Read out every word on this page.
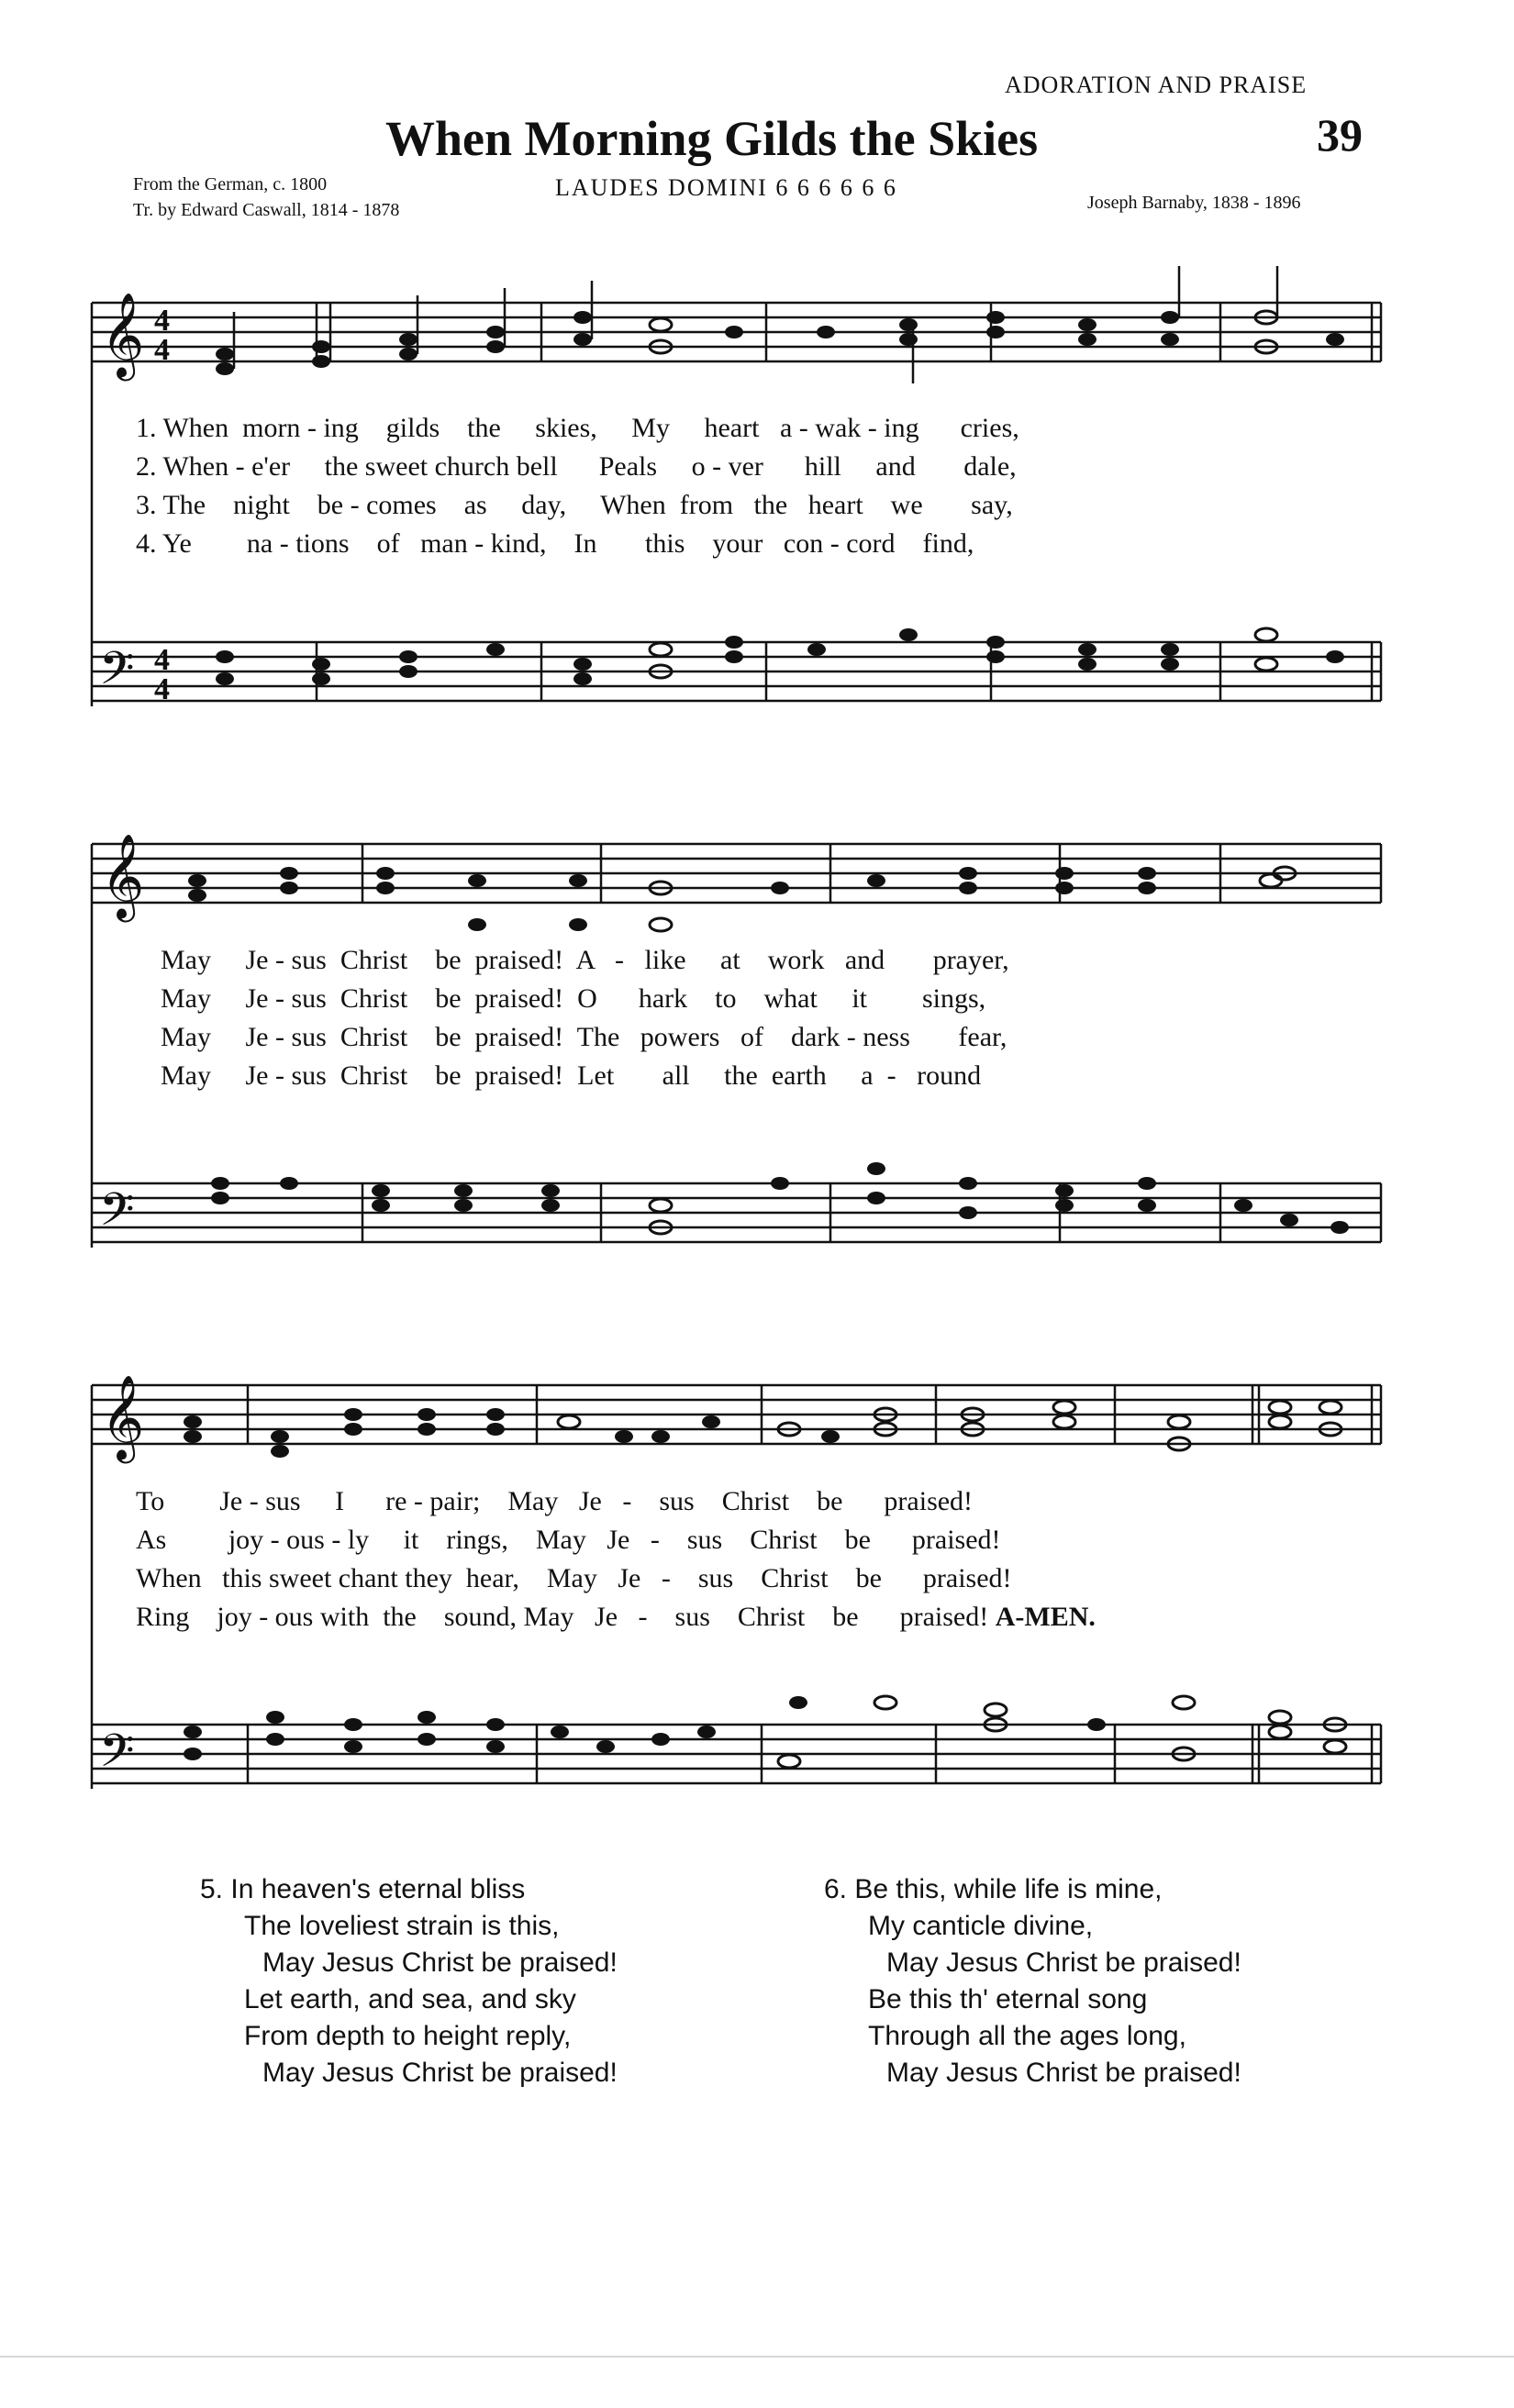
ADORATION AND PRAISE
When Morning Gilds the Skies	39
From the German, c. 1800
Tr. by Edward Caswall, 1814 - 1878
LAUDES DOMINI 6 6 6 6 6 6
Joseph Barnaby, 1838 - 1896
𝄞 4
4
𝄢 4
4
1. When morn - ing gilds the skies, My heart a - wak - ing cries,
2. When - e'er the sweet church bell Peals o - ver hill and dale,
3. The night be - comes as day, When from the heart we say,
4. Ye na - tions of man - kind, In this your con - cord find,
𝄞
𝄢
May Je - sus Christ be praised! A - like at work and prayer,
May Je - sus Christ be praised! O hark to what it sings,
May Je - sus Christ be praised! The powers of dark - ness fear,
May Je - sus Christ be praised! Let all the earth a - round
𝄞
𝄢
To Je - sus I re - pair; May Je - sus Christ be praised!
As joy - ous - ly it rings, May Je - sus Christ be praised!
When this sweet chant they hear, May Je - sus Christ be praised!
Ring joy - ous with the sound, May Je - sus Christ be praised! A-MEN.
5. In heaven's eternal bliss
The loveliest strain is this,
May Jesus Christ be praised!
Let earth, and sea, and sky
From depth to height reply,
May Jesus Christ be praised!
6. Be this, while life is mine,
My canticle divine,
May Jesus Christ be praised!
Be this th' eternal song
Through all the ages long,
May Jesus Christ be praised!
